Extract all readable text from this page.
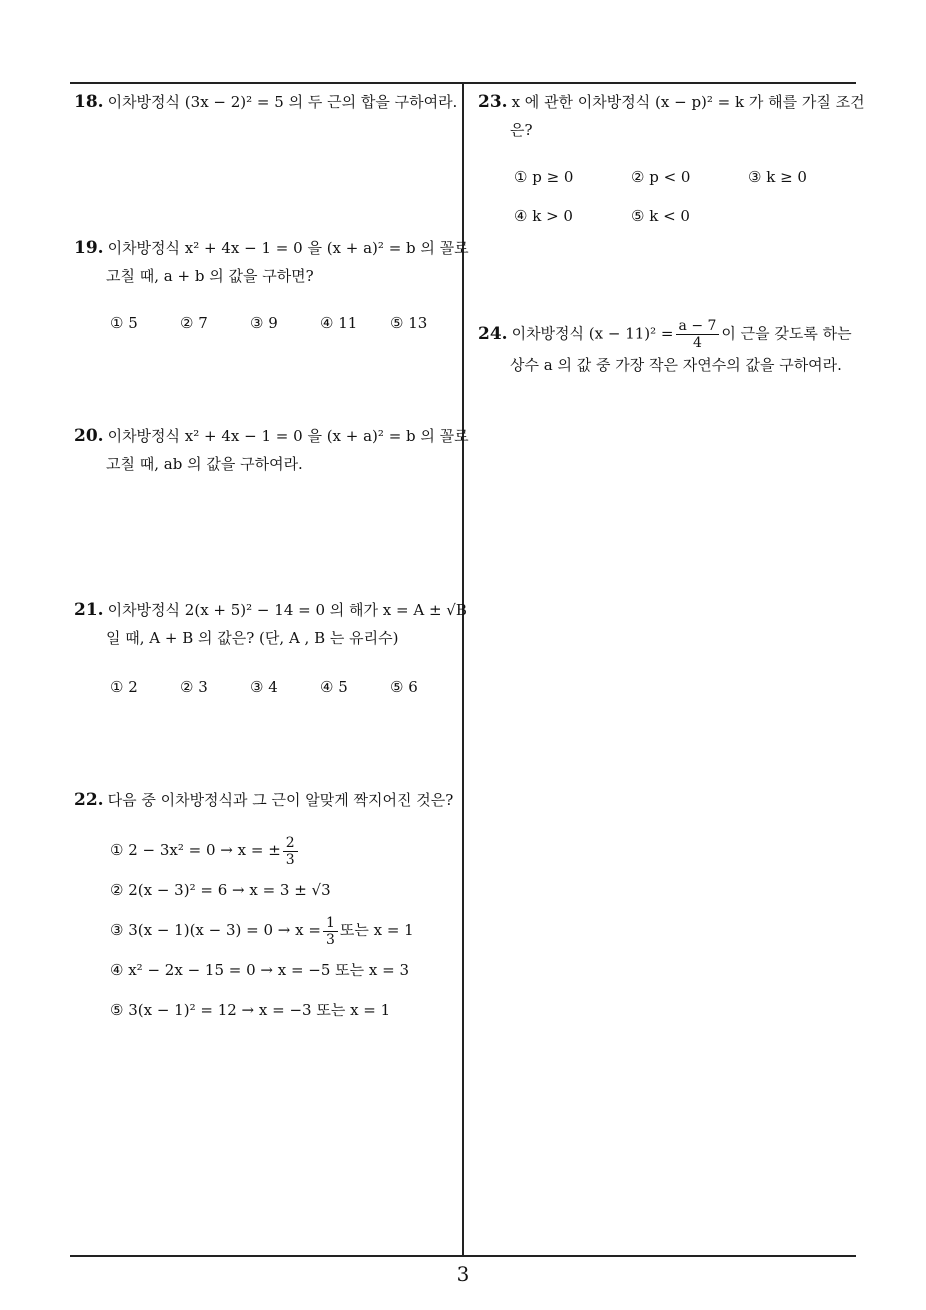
18. 이차방정식 (3x − 2)² = 5 의 두 근의 합을 구하여라.
19. 이차방정식 x² + 4x − 1 = 0 을 (x + a)² = b 의 꼴로
고칠 때, a + b 의 값을 구하면?
① 5	② 7	③ 9	④ 11	⑤ 13
20. 이차방정식 x² + 4x − 1 = 0 을 (x + a)² = b 의 꼴로
고칠 때, ab 의 값을 구하여라.
21. 이차방정식 2(x + 5)² − 14 = 0 의 해가 x = A ± √B
일 때, A + B 의 값은? (단, A , B 는 유리수)
① 2	② 3	③ 4	④ 5	⑤ 6
22. 다음 중 이차방정식과 그 근이 알맞게 짝지어진 것은?
① 2 − 3x² = 0 → x = ± $\frac{2}{3}$
② 2(x − 3)² = 6 → x = 3 ± √3
③ $3(x - 1)(x - 3) = 0 \to x = \frac{1}{3}$ 또는 x = 1
④ x² − 2x − 15 = 0 → x = −5 또는 x = 3
⑤ 3(x − 1)² = 12 → x = −3 또는 x = 1
23. x 에 관한 이차방정식 (x − p)² = k 가 해를 가질 조건
은?
① p ≥ 0	② p < 0	③ k ≥ 0
④ k > 0	⑤ k < 0
24. 이차방정식 $(x - 11)^2 = \frac{a - 7}{4}$ 이 근을 갖도록 하는
상수 a 의 값 중 가장 작은 자연수의 값을 구하여라.
3
